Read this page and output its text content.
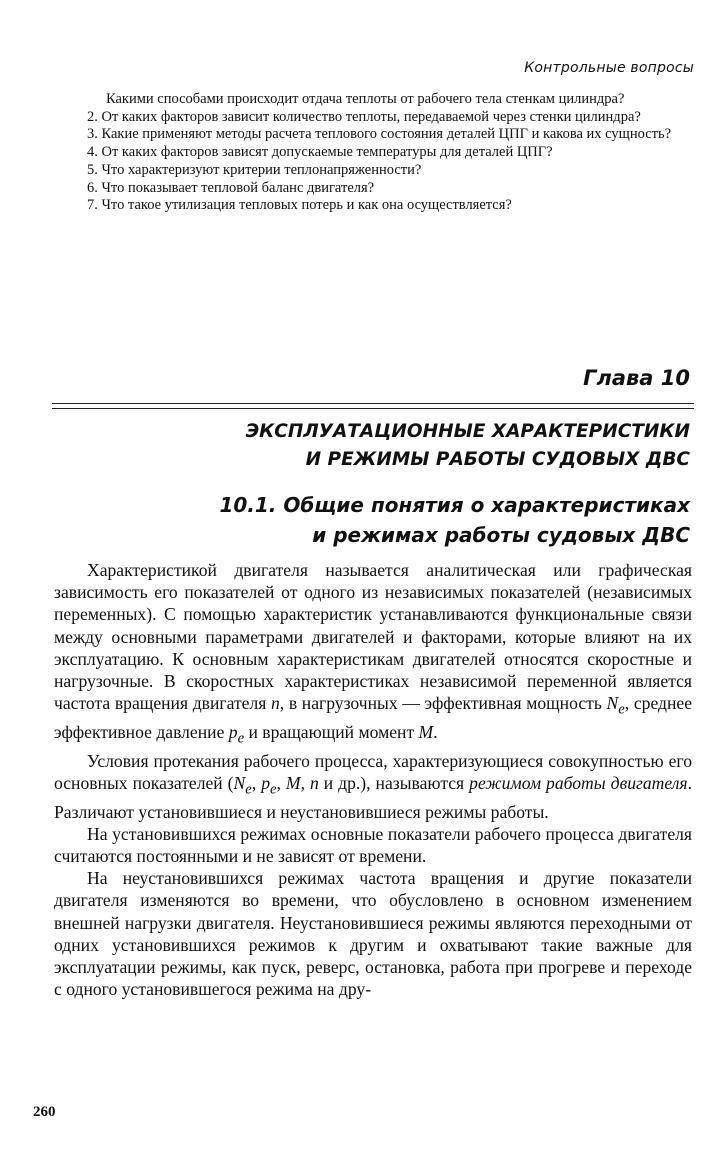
Контрольные вопросы

Какими способами происходит отдача теплоты от рабочего тела стенкам цилиндра?

2. От каких факторов зависит количество теплоты, передаваемой через стенки цилиндра?

3. Какие применяют методы расчета теплового состояния деталей ЦПГ и какова их сущность?

4. От каких факторов зависят допускаемые температуры для деталей ЦПГ?

5. Что характеризуют критерии теплонапряженности?

6. Что показывает тепловой баланс двигателя?

7. Что такое утилизация тепловых потерь и как она осуществляется?

Глава 10
ЭКСПЛУАТАЦИОННЫЕ ХАРАКТЕРИСТИКИ
И РЕЖИМЫ РАБОТЫ СУДОВЫХ ДВС
10.1. Общие понятия о характеристиках
и режимах работы судовых ДВС

Характеристикой двигателя называется аналитическая или графическая зависимость его показателей от одного из независимых показателей (независимых переменных). С помощью характеристик устанавливаются функциональные связи между основными параметрами двигателей и факторами, которые влияют на их эксплуатацию. К основным характеристикам двигателей относятся скоростные и нагрузочные. В скоростных характеристиках независимой переменной является частота вращения двигателя n, в нагрузочных — эффективная мощность $N_e$, среднее эффективное давление $p_e$ и вращающий момент M.

Условия протекания рабочего процесса, характеризующиеся совокупностью его основных показателей ($N_e$, $p_e$, M, n и др.), называются режимом работы двигателя. Различают установившиеся и неустановившиеся режимы работы.

На установившихся режимах основные показатели рабочего процесса двигателя считаются постоянными и не зависят от времени.

На неустановившихся режимах частота вращения и другие показатели двигателя изменяются во времени, что обусловлено в основном изменением внешней нагрузки двигателя. Неустановившиеся режимы являются переходными от одних установившихся режимов к другим и охватывают такие важные для эксплуатации режимы, как пуск, реверс, остановка, работа при прогреве и переходе с одного установившегося режима на дру-

260
